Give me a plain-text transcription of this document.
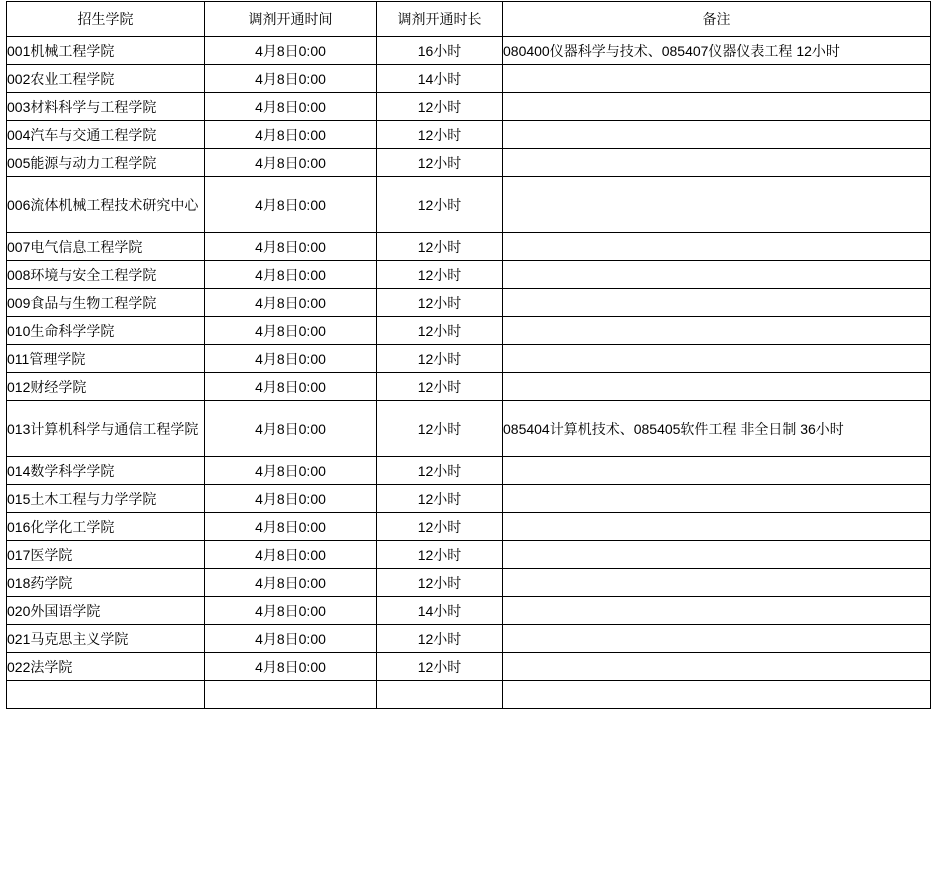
招生学院	调剂开通时间	调剂开通时长	备注
001机械工程学院	4月8日0:00	16小时	080400仪器科学与技术、085407仪器仪表工程 12小时
002农业工程学院	4月8日0:00	14小时	
003材料科学与工程学院	4月8日0:00	12小时	
004汽车与交通工程学院	4月8日0:00	12小时	
005能源与动力工程学院	4月8日0:00	12小时	
006流体机械工程技术研究中心	4月8日0:00	12小时	
007电气信息工程学院	4月8日0:00	12小时	
008环境与安全工程学院	4月8日0:00	12小时	
009食品与生物工程学院	4月8日0:00	12小时	
010生命科学学院	4月8日0:00	12小时	
011管理学院	4月8日0:00	12小时	
012财经学院	4月8日0:00	12小时	
013计算机科学与通信工程学院	4月8日0:00	12小时	085404计算机技术、085405软件工程 非全日制 36小时
014数学科学学院	4月8日0:00	12小时	
015土木工程与力学学院	4月8日0:00	12小时	
016化学化工学院	4月8日0:00	12小时	
017医学院	4月8日0:00	12小时	
018药学院	4月8日0:00	12小时	
020外国语学院	4月8日0:00	14小时	
021马克思主义学院	4月8日0:00	12小时	
022法学院	4月8日0:00	12小时	
